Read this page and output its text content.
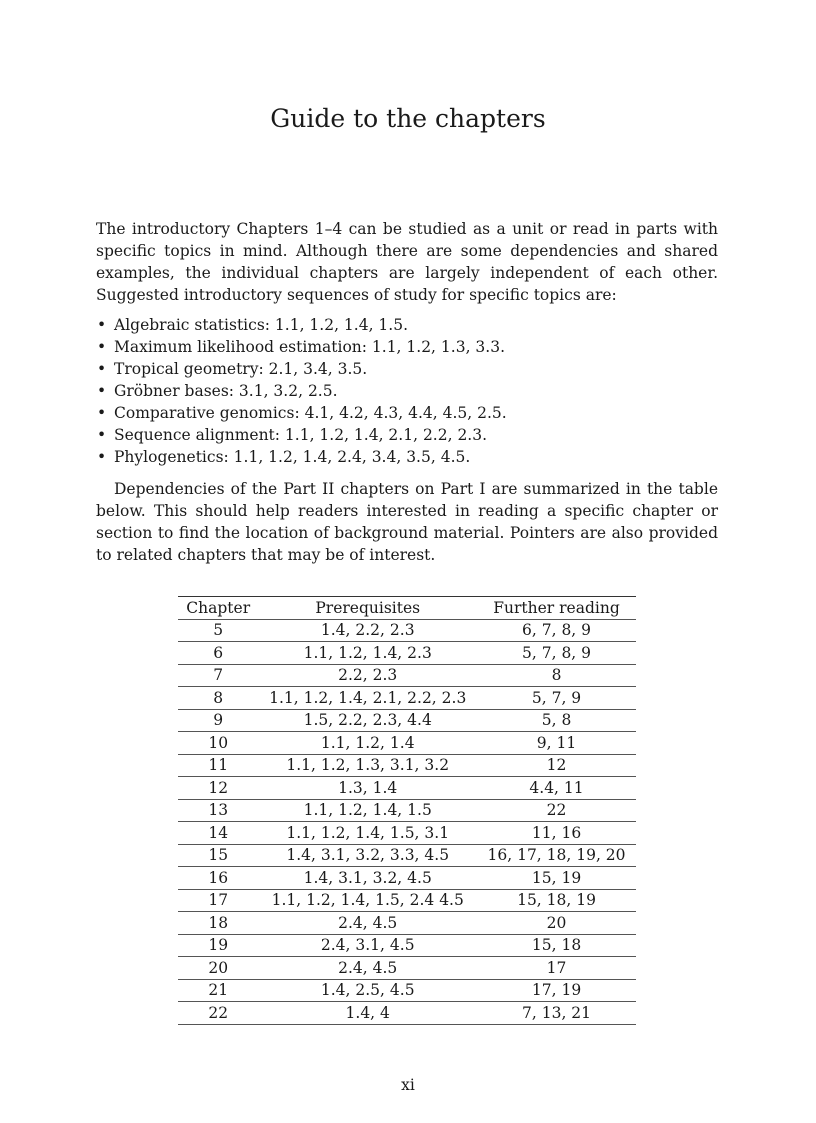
Guide to the chapters

The introductory Chapters 1–4 can be studied as a unit or read in parts with specific topics in mind. Although there are some dependencies and shared examples, the individual chapters are largely independent of each other. Suggested introductory sequences of study for specific topics are:

• Algebraic statistics: 1.1, 1.2, 1.4, 1.5.
• Maximum likelihood estimation: 1.1, 1.2, 1.3, 3.3.
• Tropical geometry: 2.1, 3.4, 3.5.
• Gröbner bases: 3.1, 3.2, 2.5.
• Comparative genomics: 4.1, 4.2, 4.3, 4.4, 4.5, 2.5.
• Sequence alignment: 1.1, 1.2, 1.4, 2.1, 2.2, 2.3.
• Phylogenetics: 1.1, 1.2, 1.4, 2.4, 3.4, 3.5, 4.5.

Dependencies of the Part II chapters on Part I are summarized in the table below. This should help readers interested in reading a specific chapter or section to find the location of background material. Pointers are also provided to related chapters that may be of interest.

Chapter	Prerequisites	Further reading
5	1.4, 2.2, 2.3	6, 7, 8, 9
6	1.1, 1.2, 1.4, 2.3	5, 7, 8, 9
7	2.2, 2.3	8
8	1.1, 1.2, 1.4, 2.1, 2.2, 2.3	5, 7, 9
9	1.5, 2.2, 2.3, 4.4	5, 8
10	1.1, 1.2, 1.4	9, 11
11	1.1, 1.2, 1.3, 3.1, 3.2	12
12	1.3, 1.4	4.4, 11
13	1.1, 1.2, 1.4, 1.5	22
14	1.1, 1.2, 1.4, 1.5, 3.1	11, 16
15	1.4, 3.1, 3.2, 3.3, 4.5	16, 17, 18, 19, 20
16	1.4, 3.1, 3.2, 4.5	15, 19
17	1.1, 1.2, 1.4, 1.5, 2.4 4.5	15, 18, 19
18	2.4, 4.5	20
19	2.4, 3.1, 4.5	15, 18
20	2.4, 4.5	17
21	1.4, 2.5, 4.5	17, 19
22	1.4, 4	7, 13, 21
xi
